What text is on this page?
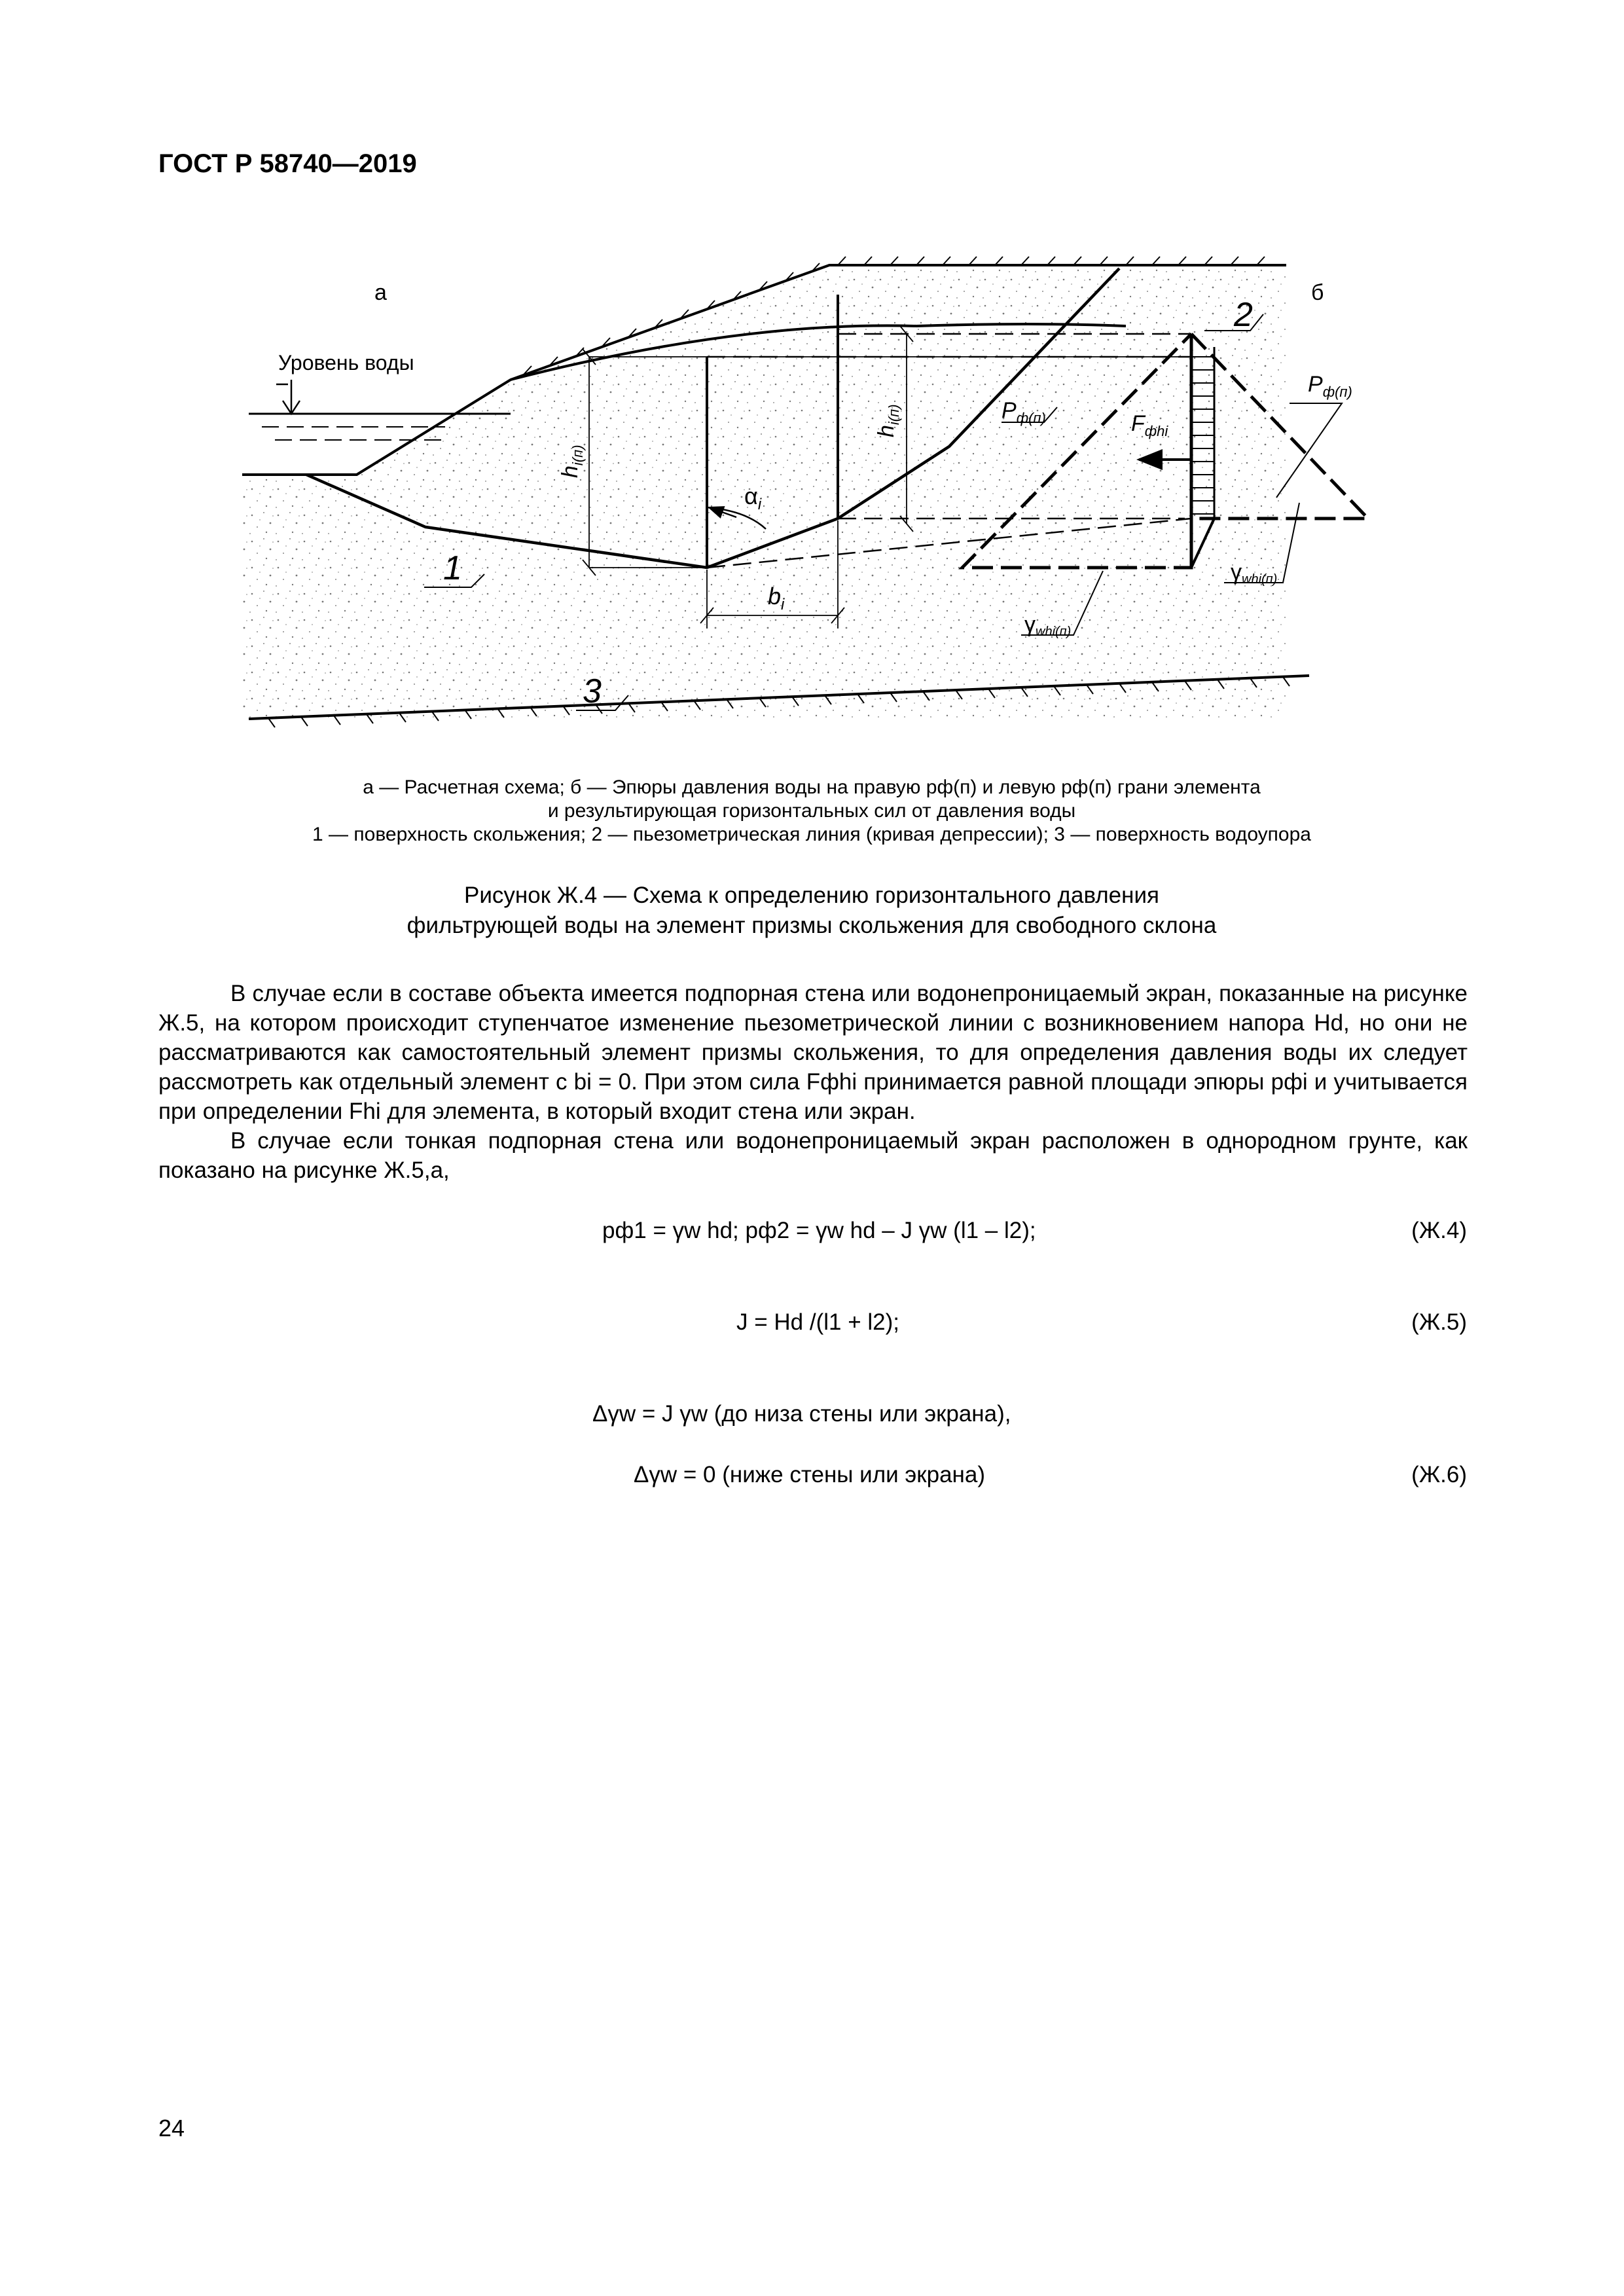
ГОСТ Р 58740—2019
Уровень воды
а	б
1
2
3
$h_{i(п)}$
$h_{i(п)}$
$\alpha_i$
$b_i$
$P_{ф(п)}$
$P_{ф(п)}$
$F_{фhi}$
γwhi(п)
γwhi(п)
а — Расчетная схема; б — Эпюры давления воды на правую pф(п) и левую pф(п) грани элемента
и результирующая горизонтальных сил от давления воды
1 — поверхность скольжения; 2 — пьезометрическая линия (кривая депрессии); 3 — поверхность водоупора
Рисунок Ж.4 — Схема к определению горизонтального давления
фильтрующей воды на элемент призмы скольжения для свободного склона

В случае если в составе объекта имеется подпорная стена или водонепроницаемый экран, показанные на рисунке Ж.5, на котором происходит ступенчатое изменение пьезометрической линии с возникновением напора Hd, но они не рассматриваются как самостоятельный элемент призмы скольжения, то для определения давления воды их следует рассмотреть как отдельный элемент с bi = 0. При этом сила Fфhi принимается равной площади эпюры pфi и учитывается при определении Fhi для элемента, в который входит стена или экран.

В случае если тонкая подпорная стена или водонепроницаемый экран расположен в однородном грунте, как показано на рисунке Ж.5,а,

pф1 = γw hd; pф2 = γw hd – J γw (l1 – l2);	(Ж.4)
J = Hd /(l1 + l2);	(Ж.5)
Δγw = J γw (до низа стены или экрана),
Δγw = 0 (ниже стены или экрана)	(Ж.6)
24
